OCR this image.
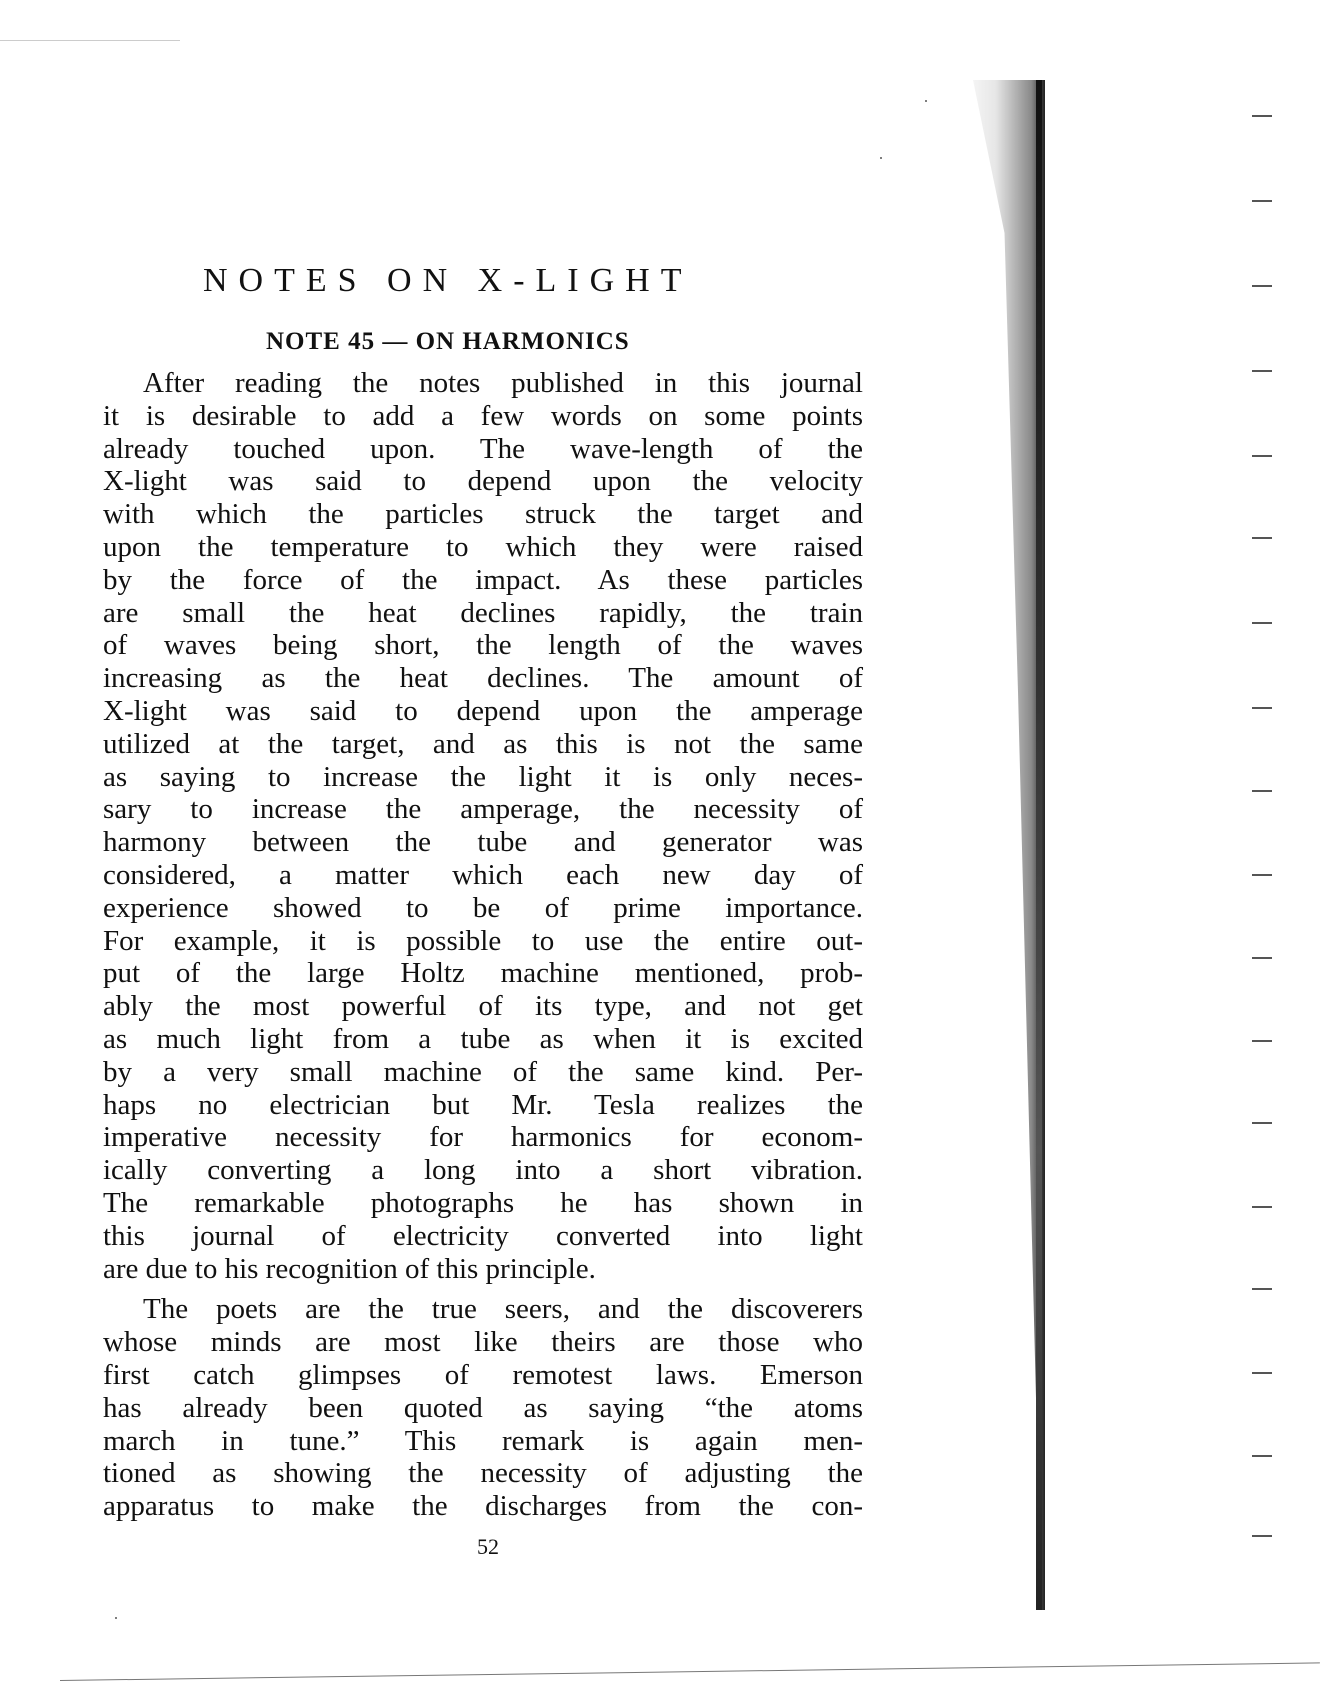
NOTES ON X-LIGHT
NOTE 45 — ON HARMONICS
After reading the notes published in this journal
it is desirable to add a few words on some points
already touched upon. The wave-length of the
X-light was said to depend upon the velocity
with which the particles struck the target and
upon the temperature to which they were raised
by the force of the impact. As these particles
are small the heat declines rapidly, the train
of waves being short, the length of the waves
increasing as the heat declines. The amount of
X-light was said to depend upon the amperage
utilized at the target, and as this is not the same
as saying to increase the light it is only neces-
sary to increase the amperage, the necessity of
harmony between the tube and generator was
considered, a matter which each new day of
experience showed to be of prime importance.
For example, it is possible to use the entire out-
put of the large Holtz machine mentioned, prob-
ably the most powerful of its type, and not get
as much light from a tube as when it is excited
by a very small machine of the same kind. Per-
haps no electrician but Mr. Tesla realizes the
imperative necessity for harmonics for econom-
ically converting a long into a short vibration.
The remarkable photographs he has shown in
this journal of electricity converted into light
are due to his recognition of this principle.
The poets are the true seers, and the discoverers
whose minds are most like theirs are those who
first catch glimpses of remotest laws. Emerson
has already been quoted as saying “the atoms
march in tune.” This remark is again men-
tioned as showing the necessity of adjusting the
apparatus to make the discharges from the con-

52
